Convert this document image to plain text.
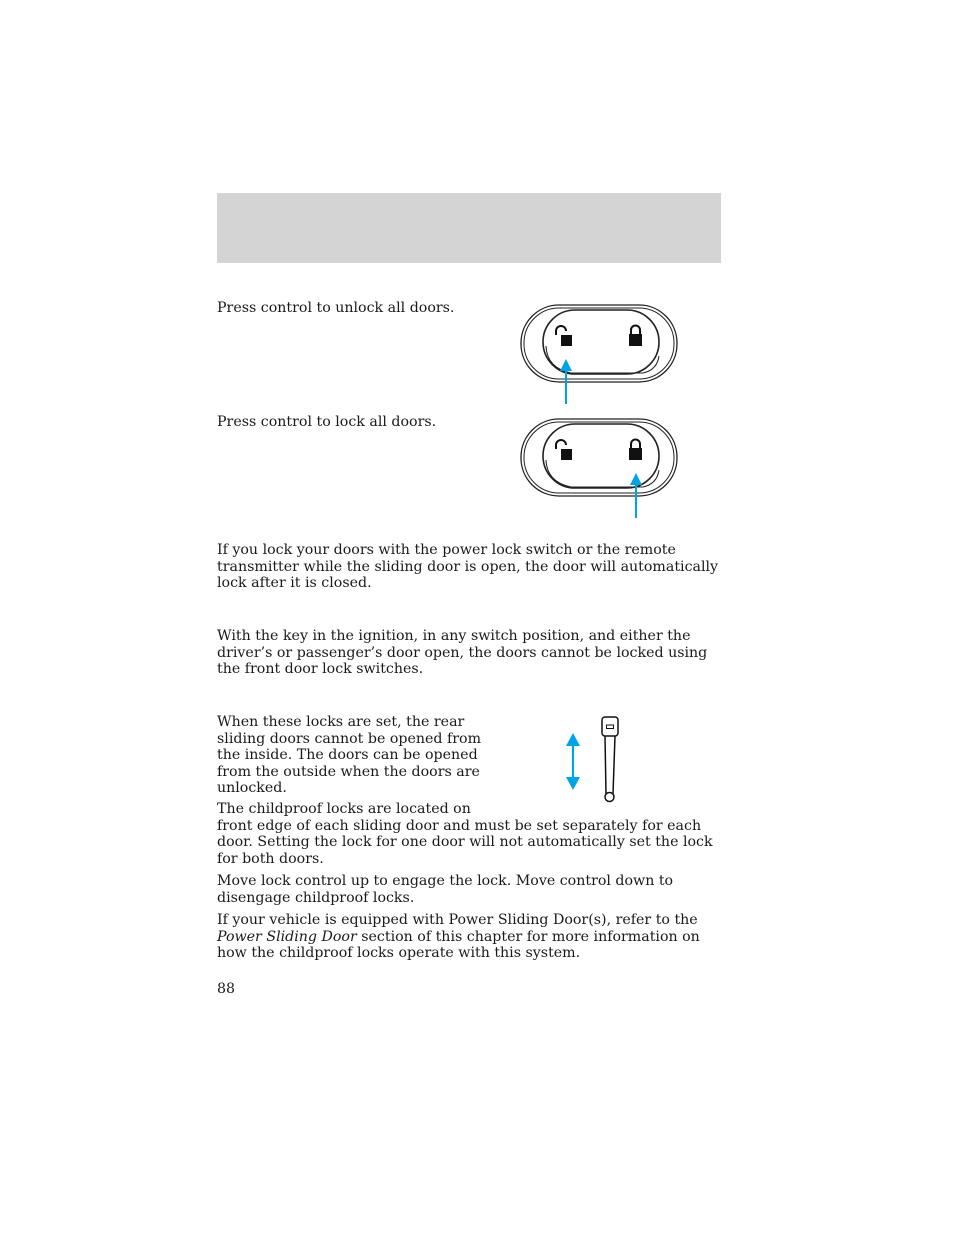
Press control to unlock all doors.

Press control to lock all doors.

If you lock your doors with the power lock switch or the remote transmitter while the sliding door is open, the door will automatically lock after it is closed.

With the key in the ignition, in any switch position, and either the driver’s or passenger’s door open, the doors cannot be locked using the front door lock switches.

When these locks are set, the rear
sliding doors cannot be opened from
the inside. The doors can be opened
from the outside when the doors are
unlocked.
The childproof locks are located on
front edge of each sliding door and must be set separately for each door. Setting the lock for one door will not automatically set the lock for both doors.

Move lock control up to engage the lock. Move control down to disengage childproof locks.

If your vehicle is equipped with Power Sliding Door(s), refer to the Power Sliding Door section of this chapter for more information on how the childproof locks operate with this system.

88
